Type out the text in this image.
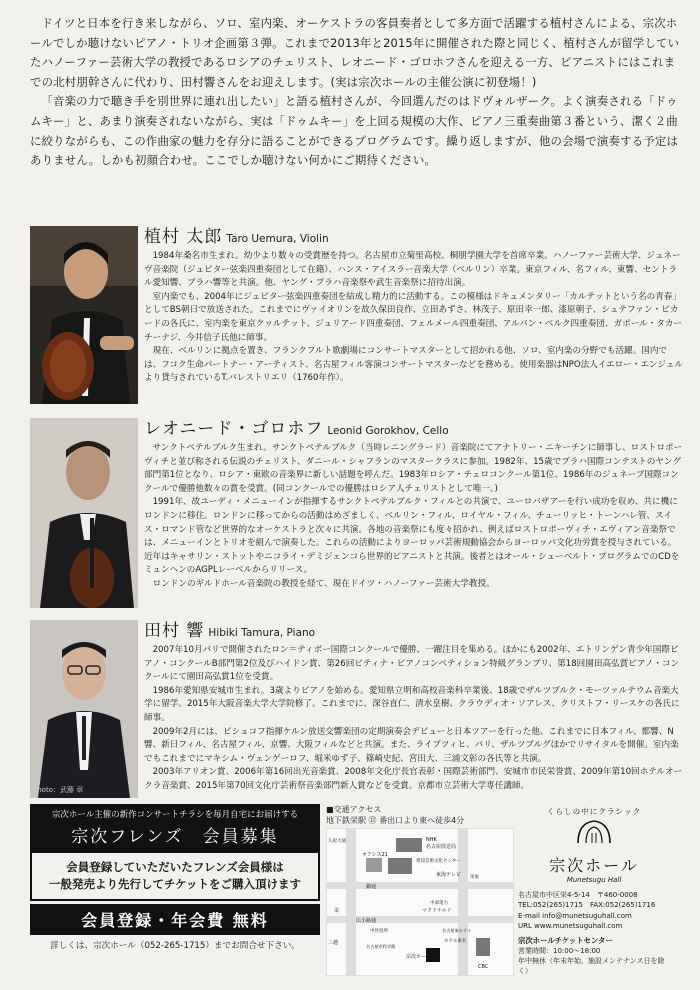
ドイツと日本を行き来しながら、ソロ、室内楽、オーケストラの客員奏者として多方面で活躍する植村さんによる、宗次ホールでしか聴けないピアノ・トリオ企画第３弾。これまで2013年と2015年に開催された際と同じく、植村さんが留学していたハノーファー芸術大学の教授であるロシアのチェリスト、レオニード・ゴロホフさんを迎える一方、ピアニストにはこれまでの北村朋幹さんに代わり、田村響さんをお迎えします。(実は宗次ホールの主催公演に初登場！)

「音楽の力で聴き手を別世界に連れ出したい」と語る植村さんが、今回選んだのはドヴォルザーク。よく演奏される「ドゥムキー」と、あまり演奏されないながら、実は「ドゥムキー」を上回る規模の大作、ピアノ三重奏曲第３番という、潔く２曲に絞りながらも、この作曲家の魅力を存分に語ることができるプログラムです。繰り返しますが、他の会場で演奏する予定はありません。しかも初顔合わせ。ここでしか聴けない何かにご期待ください。

植村 太郎 Taro Uemura, Violin

1984年桑名市生まれ。幼少より数々の受賞歴を持つ。名古屋市立菊里高校、桐朋学園大学を首席卒業。ハノーファー芸術大学、ジュネーヴ音楽院（ジュピター弦楽四重奏団として在籍）、ハンス・アイスラー音楽大学（ベルリン）卒業。東京フィル、名フィル、東響、セントラル愛知響、ブラハ響等と共演。他、ヤング・プラハ音楽祭や武生音楽祭に招待出演。

室内楽でも、2004年にジュピター弦楽四重奏団を結成し精力的に活動する。この模様はドキュメンタリー「カルテットという名の青春」としてBS朝日で放送された。これまでにヴァイオリンを故久保田良作、立田あずさ、林茂子、原田幸一郎、漆原朝子、シュテファン・ピカードの各氏に、室内楽を東京クヮルテット、ジュリアード四重奏団、フェルメール四重奏団、アルバン・ベルク四重奏団、ガボール・タカーチーナジ、今井信子氏他に師事。

現在、ベルリンに拠点を置き、フランクフルト歌劇場にコンサートマスターとして招かれる他、ソロ、室内楽の分野でも活躍。国内では、フコク生命パートナー・アーティスト、名古屋フィル客演コンサートマスターなどを務める。使用楽器はNPO法人イエロー・エンジェルより貸与されているT.バレストリエリ（1760年作）。

レオニード・ゴロホフ Leonid Gorokhov, Cello

サンクトペテルブルク生まれ。サンクトペテルブルク（当時レニングラード）音楽院にてアナトリー・ニキーチンに師事し、ロストロポーヴィチと並び称される伝説のチェリスト、ダニール・シャフランのマスタークラスに参加。1982年、15歳でプラハ国際コンテストのヤング部門第1位となり、ロシア・東欧の音楽界に新しい話題を呼んだ。1983年ロシア・チェロコンクール第1位、1986年のジュネーブ国際コンクールで優勝他数々の賞を受賞。(同コンクールでの優勝はロシア人チェリストとして唯一。)

1991年、故ユーディ・メニューインが指揮するサンクトペテルブルク・フィルとの共演で、ユーロバザアーを行い成功を収め、共に機にロンドンに移住。ロンドンに移ってからの活動はめざましく、ベルリン・フィル、ロイヤル・フィル、チューリッヒ・トーンハレ管、スイス・ロマンド管など世界的なオーケストラと次々に共演。各地の音楽祭にも度々招かれ、例えばロストロポーヴィチ・エヴィアン音楽祭では、メニューインとトリオを組んで演奏した。これらの活動によりヨーロッパ芸術規動協会からヨーロッパ文化功労賞を授与されている。近年はキャサリン・ストットやニコライ・デミジェンコら世界的ピアニストと共演。後者とはオール・シューベルト・プログラムでのCDをミュンヘンのAGPLレーベルからリリース。

ロンドンのギルドホール音楽院の教授を経て、現在ドイツ・ハノーファー芸術大学教授。

Photo：武藤 章
田村 響 Hibiki Tamura, Piano

2007年10月パリで開催されたロン＝ティボー国際コンクールで優勝、一躍注目を集める。ほかにも2002年、エトリンゲン青少年国際ピアノ・コンクールB部門第2位及びハイドン賞、第26回ピティナ・ピアノコンペティション特級グランプリ、第18回園田高弘賞ピアノ・コンクールにて園田高弘賞1位を受賞。

1986年愛知県安城市生まれ。3歳よりピアノを始める。愛知県立明和高校音楽科卒業後、18歳でザルツブルク・モーツァルテウム音楽大学に留学。2015年大阪音楽大学大学院修了。これまでに、深谷直仁、清水皇樹、クラウディオ・ソアレス、クリストフ・リースケの各氏に師事。

2009年2月には、ビシュコフ指揮ケルン放送交響楽団の定期演奏会デビューと日本ツアーを行った他、これまでに日本フィル、都響、N響、新日フィル、名古屋フィル、京響、大阪フィルなどと共演。また、ライブツィヒ、パリ、ザルツブルグほかでリサイタルを開催。室内楽でもこれまでにマキシム・ヴェンゲーロフ、堀米ゆず子、篠崎史紀、宮田大、三浦文彰の各氏等と共演。

2003年アリオン賞、2006年第16回出光音楽賞、2008年文化庁長官表彰・国際芸術部門、安城市市民栄誉賞、2009年第10回ホテルオークラ音楽賞、2015年第70回文化庁芸術祭音楽部門新人賞などを受賞。京都市立芸術大学専任講師。

宗次ホール主催の新作コンサートチラシを毎月自宅にお届けする
宗次フレンズ　会員募集
会員登録していただいたフレンズ会員様は
一般発売より先行してチケットをご購入頂けます
会員登録・年会費 無料
詳しくは、宗次ホール（052-265-1715）までお問合せ下さい。
■交通アクセス
地下鉄栄駅 ⑫ 番出口より東へ徒歩4分
NHK
名古屋放送局
愛知芸術文化センター
東海テレビ
オアシス21
錦通
久屋大通
広小路通
栄	マクドナルド
中区役所
三越
宗次ホール
名古屋市科学館
CBC
栄東
中部電力
名古屋東ホテル
ホテル東名
くらしの中にクラシック
宗次ホール
Munetsugu Hall
名古屋市中区栄4-5-14　〒460-0008
TEL:052(265)1715　FAX:052(265)1716
E-mail info@munetsuguhall.com
URL www.munetsuguhall.com
宗次ホールチケットセンター
営業時間：10:00〜18:00
年中無休（年末年始、施設メンテナンス日を除く）
